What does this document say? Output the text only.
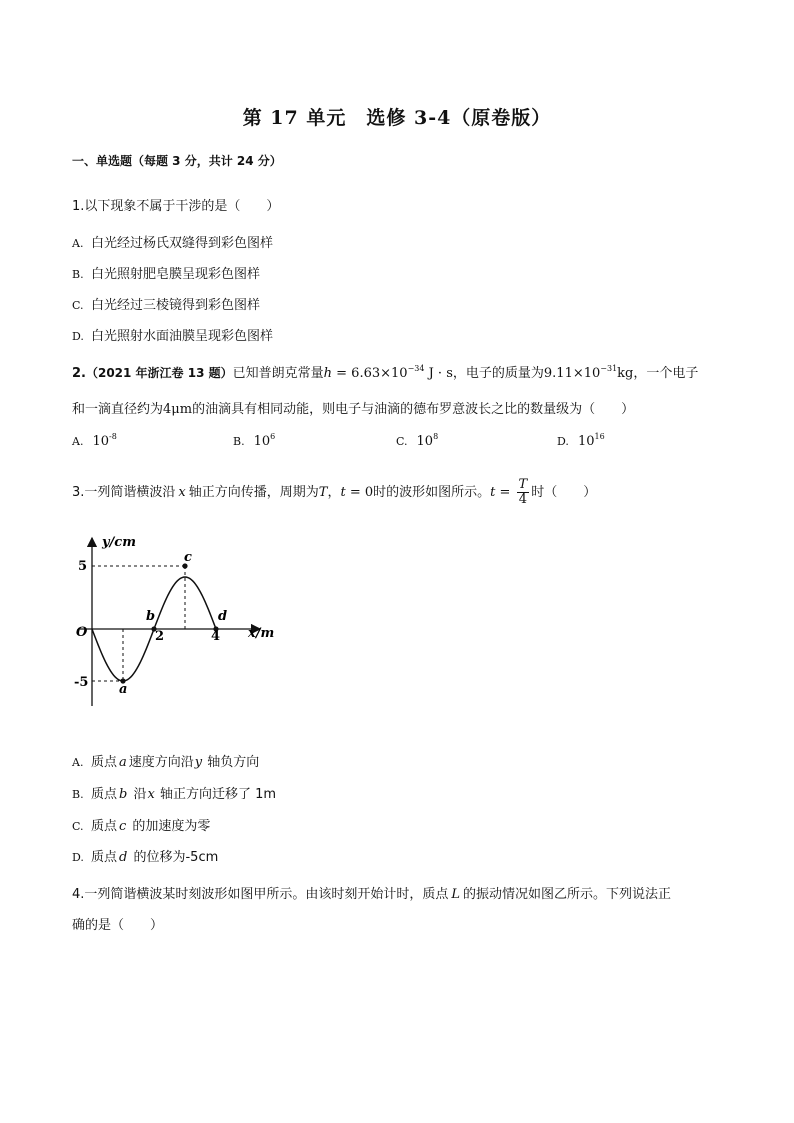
第 17 单元　选修 3-4（原卷版）
一、单选题（每题 3 分，共计 24 分）
1.以下现象不属于干涉的是（　　）
A. 白光经过杨氏双缝得到彩色图样
B. 白光照射肥皂膜呈现彩色图样
C. 白光经过三棱镜得到彩色图样
D. 白光照射水面油膜呈现彩色图样
2.（2021 年浙江卷 13 题）已知普朗克常量$h = 6.63\times 10^{-34}$ J · s，电子的质量为$9.11\times 10^{-31}kg$，一个电子
和一滴直径约为4μm的油滴具有相同动能，则电子与油滴的德布罗意波长之比的数量级为（　　）
A. $10^{-8}$	B. $10^6$	C. $10^8$	D. $10^{16}$
3.一列简谐横波沿 x 轴正方向传播，周期为T，t = 0时的波形如图所示。$t = \frac{T}{4}$ 时（　　）
y/cm
x/m
O
5
-5
2	4
a
b
c
d
A. 质点 a 速度方向沿y 轴负方向
B. 质点 b 沿x 轴正方向迁移了 1m
C. 质点 c 的加速度为零
D. 质点 d 的位移为-5cm
4.一列简谐横波某时刻波形如图甲所示。由该时刻开始计时，质点 L 的振动情况如图乙所示。下列说法正
确的是（　　）
